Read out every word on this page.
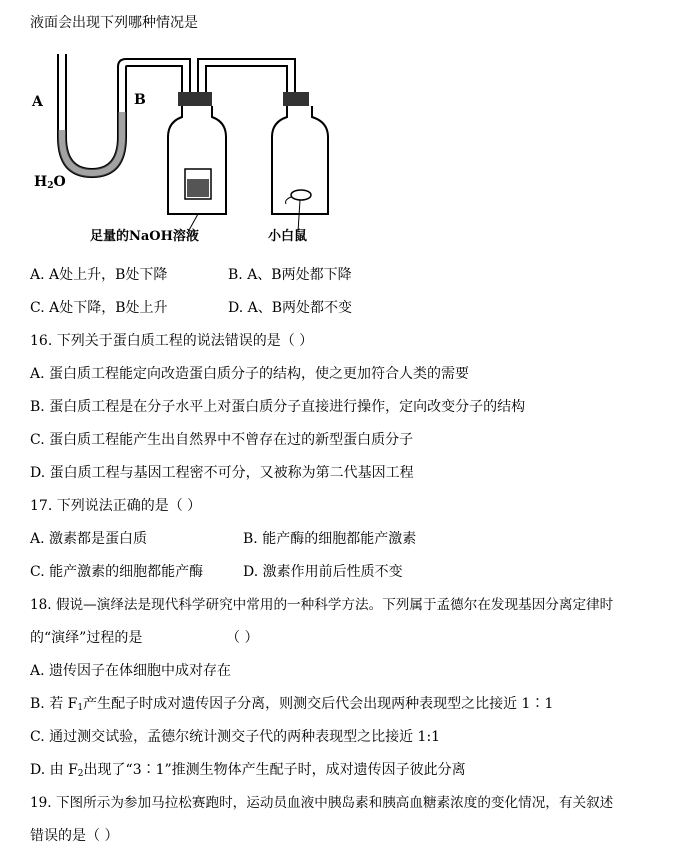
液面会出现下列哪种情况是
A	B
$H_2O$
足量的NaOH溶液	小白鼠
A. A处上升，B处下降	B. A、B两处都下降
C. A处下降，B处上升	D. A、B两处都不变
16. 下列关于蛋白质工程的说法错误的是（ ）
A. 蛋白质工程能定向改造蛋白质分子的结构，使之更加符合人类的需要
B. 蛋白质工程是在分子水平上对蛋白质分子直接进行操作，定向改变分子的结构
C. 蛋白质工程能产生出自然界中不曾存在过的新型蛋白质分子
D. 蛋白质工程与基因工程密不可分，又被称为第二代基因工程
17. 下列说法正确的是（ ）
A. 激素都是蛋白质	B. 能产酶的细胞都能产激素
C. 能产激素的细胞都能产酶	D. 激素作用前后性质不变
18. 假说—演绎法是现代科学研究中常用的一种科学方法。下列属于孟德尔在发现基因分离定律时
的“演绎”过程的是	（ ）
A. 遗传因子在体细胞中成对存在
B. 若 $F_1$产生配子时成对遗传因子分离，则测交后代会出现两种表现型之比接近 1∶1
C. 通过测交试验，孟德尔统计测交子代的两种表现型之比接近 1:1
D. 由 $F_2$出现了“3∶1”推测生物体产生配子时，成对遗传因子彼此分离
19. 下图所示为参加马拉松赛跑时，运动员血液中胰岛素和胰高血糖素浓度的变化情况，有关叙述
错误的是（ ）
